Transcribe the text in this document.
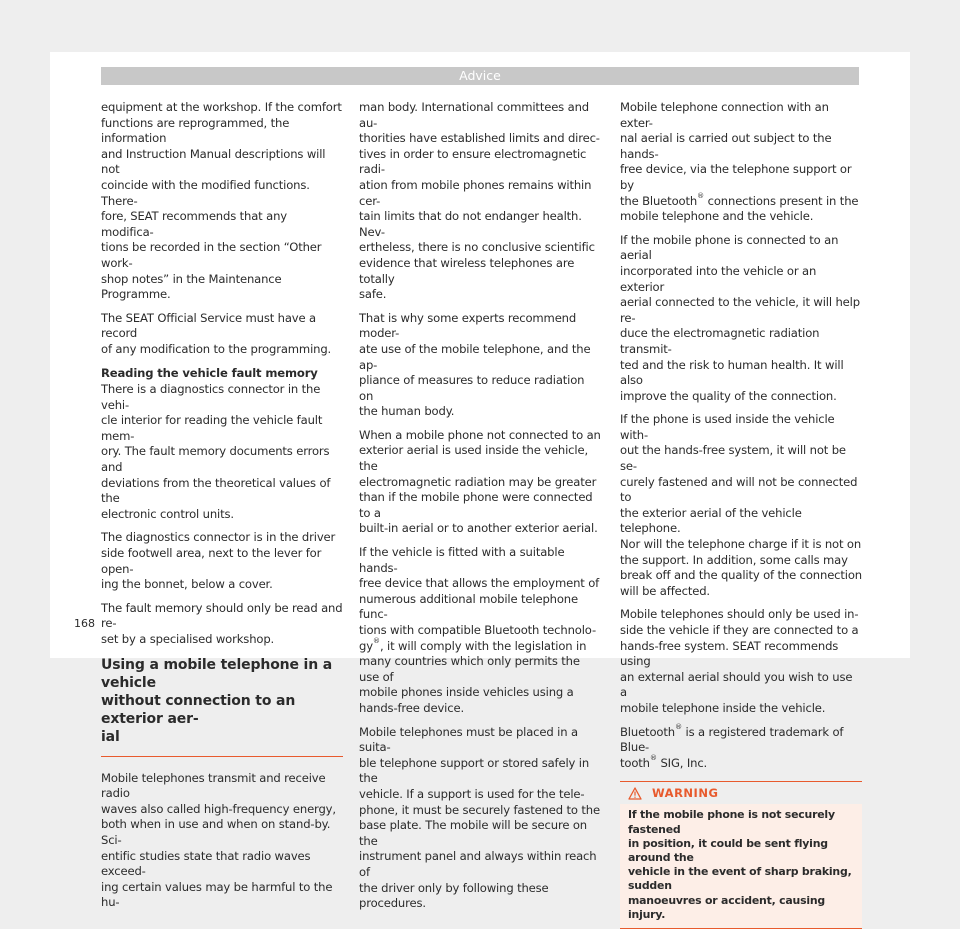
Advice

equipment at the workshop. If the comfort
functions are reprogrammed, the information
and Instruction Manual descriptions will not
coincide with the modified functions. There-
fore, SEAT recommends that any modifica-
tions be recorded in the section “Other work-
shop notes” in the Maintenance Programme.

The SEAT Official Service must have a record
of any modification to the programming.

Reading the vehicle fault memory

There is a diagnostics connector in the vehi-
cle interior for reading the vehicle fault mem-
ory. The fault memory documents errors and
deviations from the theoretical values of the
electronic control units.

The diagnostics connector is in the driver
side footwell area, next to the lever for open-
ing the bonnet, below a cover.

The fault memory should only be read and re-
set by a specialised workshop.

Using a mobile telephone in a vehicle
without connection to an exterior aer-
ial

Mobile telephones transmit and receive radio
waves also called high-frequency energy,
both when in use and when on stand-by. Sci-
entific studies state that radio waves exceed-
ing certain values may be harmful to the hu-

man body. International committees and au-
thorities have established limits and direc-
tives in order to ensure electromagnetic radi-
ation from mobile phones remains within cer-
tain limits that do not endanger health. Nev-
ertheless, there is no conclusive scientific
evidence that wireless telephones are totally
safe.

That is why some experts recommend moder-
ate use of the mobile telephone, and the ap-
pliance of measures to reduce radiation on
the human body.

When a mobile phone not connected to an
exterior aerial is used inside the vehicle, the
electromagnetic radiation may be greater
than if the mobile phone were connected to a
built-in aerial or to another exterior aerial.

If the vehicle is fitted with a suitable hands-
free device that allows the employment of
numerous additional mobile telephone func-
tions with compatible Bluetooth technolo-
gy®, it will comply with the legislation in
many countries which only permits the use of
mobile phones inside vehicles using a
hands-free device.

Mobile telephones must be placed in a suita-
ble telephone support or stored safely in the
vehicle. If a support is used for the tele-
phone, it must be securely fastened to the
base plate. The mobile will be secure on the
instrument panel and always within reach of
the driver only by following these procedures.

Mobile telephone connection with an exter-
nal aerial is carried out subject to the hands-
free device, via the telephone support or by
the Bluetooth® connections present in the
mobile telephone and the vehicle.

If the mobile phone is connected to an aerial
incorporated into the vehicle or an exterior
aerial connected to the vehicle, it will help re-
duce the electromagnetic radiation transmit-
ted and the risk to human health. It will also
improve the quality of the connection.

If the phone is used inside the vehicle with-
out the hands-free system, it will not be se-
curely fastened and will not be connected to
the exterior aerial of the vehicle telephone.
Nor will the telephone charge if it is not on
the support. In addition, some calls may
break off and the quality of the connection
will be affected.

Mobile telephones should only be used in-
side the vehicle if they are connected to a
hands-free system. SEAT recommends using
an external aerial should you wish to use a
mobile telephone inside the vehicle.

Bluetooth® is a registered trademark of Blue-
tooth® SIG, Inc.

WARNING
If the mobile phone is not securely fastened
in position, it could be sent flying around the
vehicle in the event of sharp braking, sudden
manoeuvres or accident, causing injury.
168
